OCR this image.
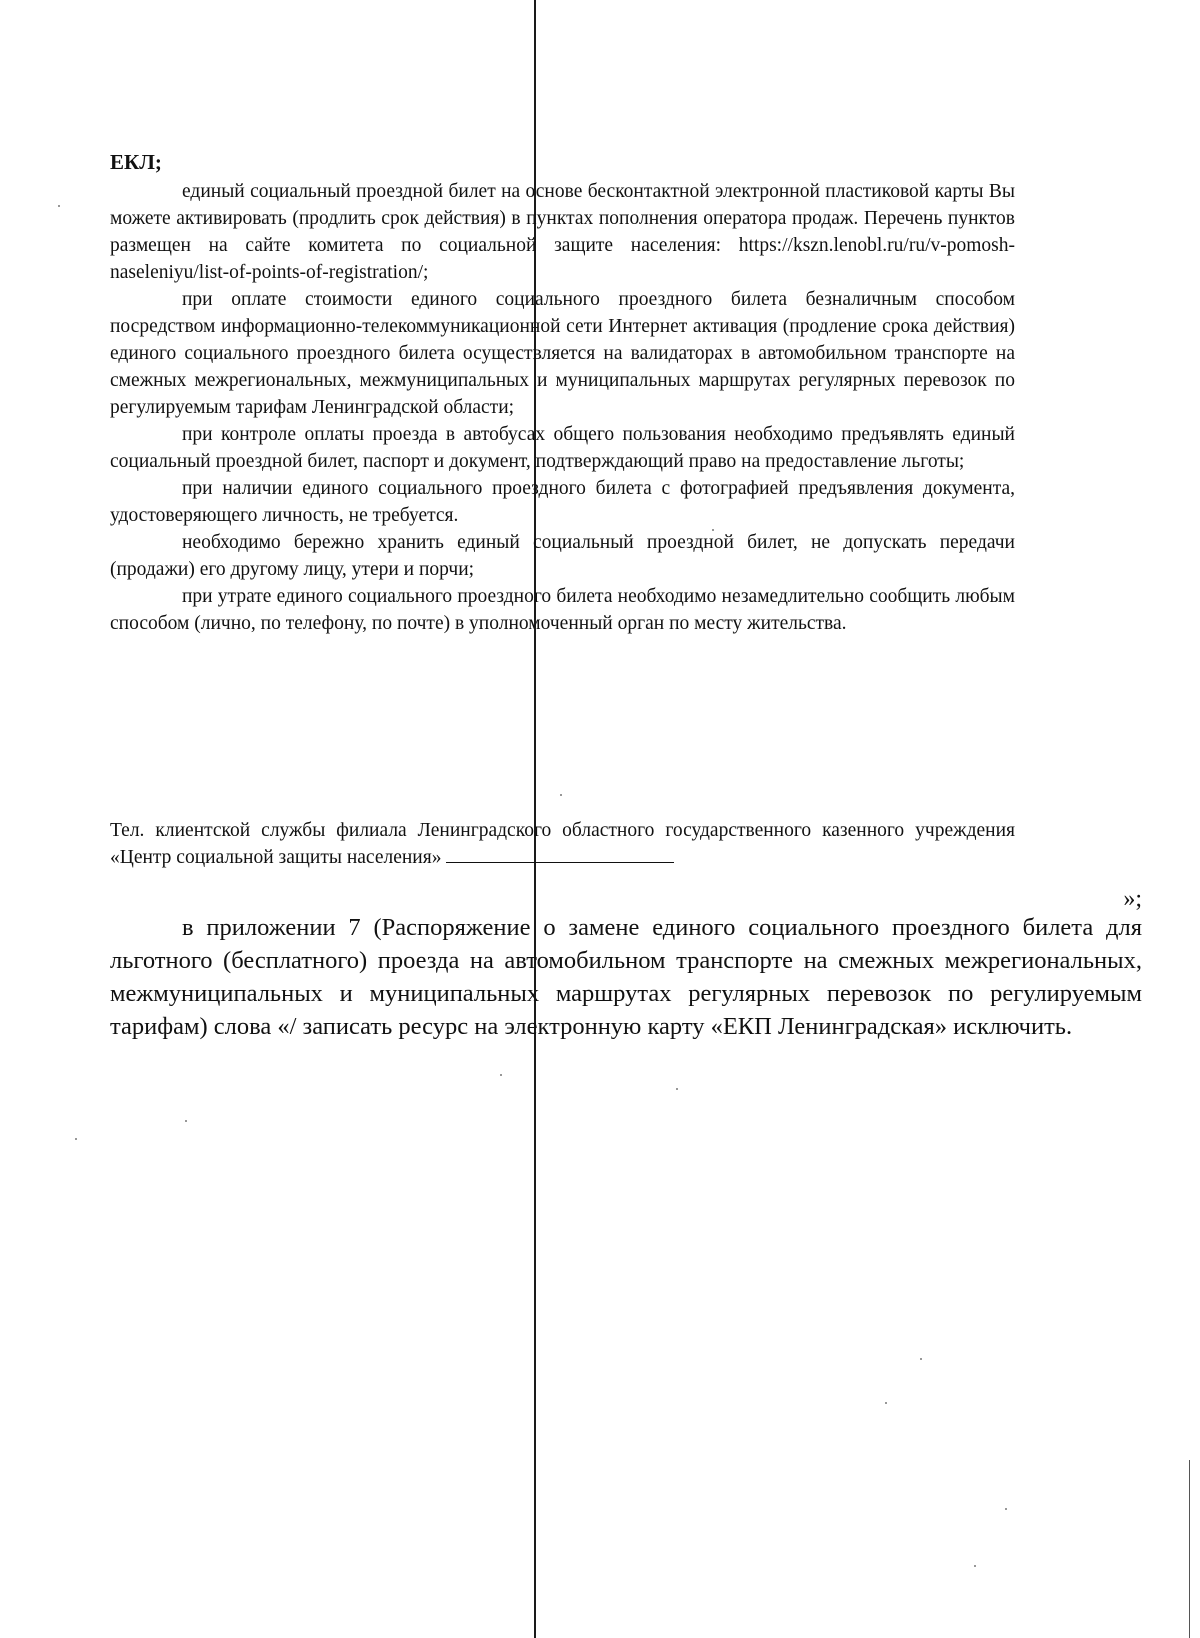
ЕКЛ;

единый социальный проездной билет на основе бесконтактной электронной пластиковой карты Вы можете активировать (продлить срок действия) в пунктах пополнения оператора продаж. Перечень пунктов размещен на сайте комитета по социальной защите населения: https://kszn.lenobl.ru/ru/v-pomosh-naseleniyu/list-of-points-of-registration/;

при оплате стоимости единого социального проездного билета безналичным способом посредством информационно-телекоммуникационной сети Интернет активация (продление срока действия) единого социального проездного билета осуществляется на валидаторах в автомобильном транспорте на смежных межрегиональных, межмуниципальных и муниципальных маршрутах регулярных перевозок по регулируемым тарифам Ленинградской области;

при контроле оплаты проезда в автобусах общего пользования необходимо предъявлять единый социальный проездной билет, паспорт и документ, подтверждающий право на предоставление льготы;

при наличии единого социального проездного билета с фотографией предъявления документа, удостоверяющего личность, не требуется.

необходимо бережно хранить единый социальный проездной билет, не допускать передачи (продажи) его другому лицу, утери и порчи;

при утрате единого социального проездного билета необходимо незамедлительно сообщить любым способом (лично, по телефону, по почте) в уполномоченный орган по месту жительства.

Тел. клиентской службы филиала Ленинградского областного государственного казенного учреждения «Центр социальной защиты населения»

»;

в приложении 7 (Распоряжение о замене единого социального проездного билета для льготного (бесплатного) проезда на автомобильном транспорте на смежных межрегиональных, межмуниципальных и муниципальных маршрутах регулярных перевозок по регулируемым тарифам) слова «/ записать ресурс на электронную карту «ЕКП Ленинградская» исключить.
